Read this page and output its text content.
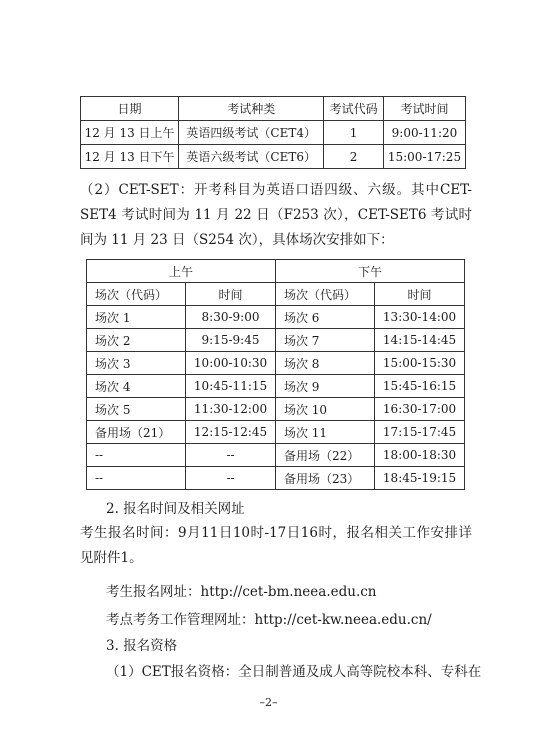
日期	考试种类	考试代码	考试时间
12 月 13 日上午	英语四级考试（CET4）	1	9:00-11:20
12 月 13 日下午	英语六级考试（CET6）	2	15:00-17:25

（2）CET-SET：开考科目为英语口语四级、六级。其中CET-SET4 考试时间为 11 月 22 日（F253 次），CET-SET6 考试时间为 11 月 23 日（S254 次），具体场次安排如下：

上午		下午	
场次（代码）	时间	场次（代码）	时间
场次 1	8:30-9:00	场次 6	13:30-14:00
场次 2	9:15-9:45	场次 7	14:15-14:45
场次 3	10:00-10:30	场次 8	15:00-15:30
场次 4	10:45-11:15	场次 9	15:45-16:15
场次 5	11:30-12:00	场次 10	16:30-17:00
备用场（21）	12:15-12:45	场次 11	17:15-17:45
--	--	备用场（22）	18:00-18:30
--	--	备用场（23）	18:45-19:15
2. 报名时间及相关网址

考生报名时间：9月11日10时-17日16时，报名相关工作安排详见附件1。

考生报名网址：http://cet-bm.neea.edu.cn
考点考务工作管理网址：http://cet-kw.neea.edu.cn/
3. 报名资格
（1）CET报名资格：全日制普通及成人高等院校本科、专科在
–2–
